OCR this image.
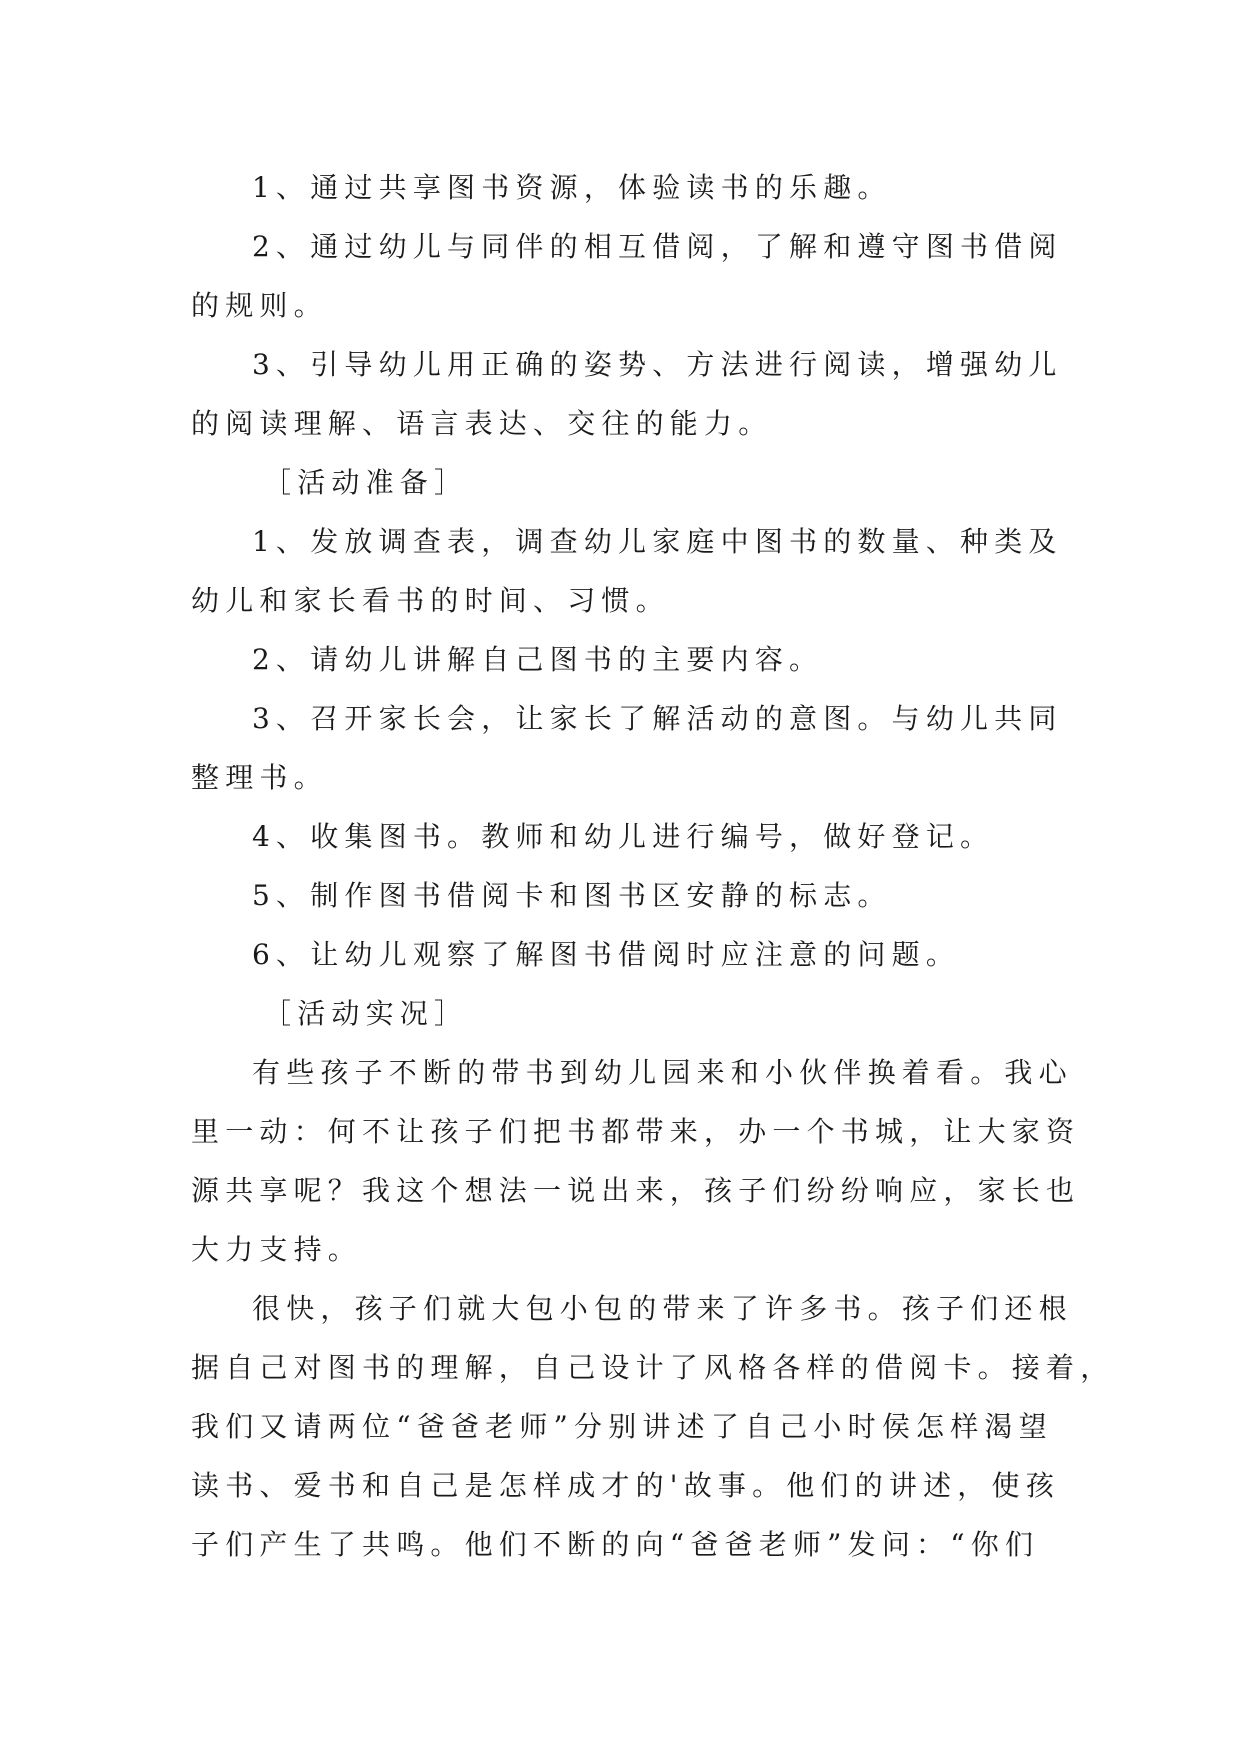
1、通过共享图书资源，体验读书的乐趣。
2、通过幼儿与同伴的相互借阅，了解和遵守图书借阅
的规则。
3、引导幼儿用正确的姿势、方法进行阅读，增强幼儿
的阅读理解、语言表达、交往的能力。
［活动准备］
1、发放调查表，调查幼儿家庭中图书的数量、种类及
幼儿和家长看书的时间、习惯。
2、请幼儿讲解自己图书的主要内容。
3、召开家长会，让家长了解活动的意图。与幼儿共同
整理书。
4、收集图书。教师和幼儿进行编号，做好登记。
5、制作图书借阅卡和图书区安静的标志。
6、让幼儿观察了解图书借阅时应注意的问题。
［活动实况］
有些孩子不断的带书到幼儿园来和小伙伴换着看。我心
里一动：何不让孩子们把书都带来，办一个书城，让大家资
源共享呢？我这个想法一说出来，孩子们纷纷响应，家长也
大力支持。
很快，孩子们就大包小包的带来了许多书。孩子们还根
据自己对图书的理解，自己设计了风格各样的借阅卡。接着，
我们又请两位“爸爸老师”分别讲述了自己小时侯怎样渴望
读书、爱书和自己是怎样成才的'故事。他们的讲述，使孩
子们产生了共鸣。他们不断的向“爸爸老师”发问：“你们
